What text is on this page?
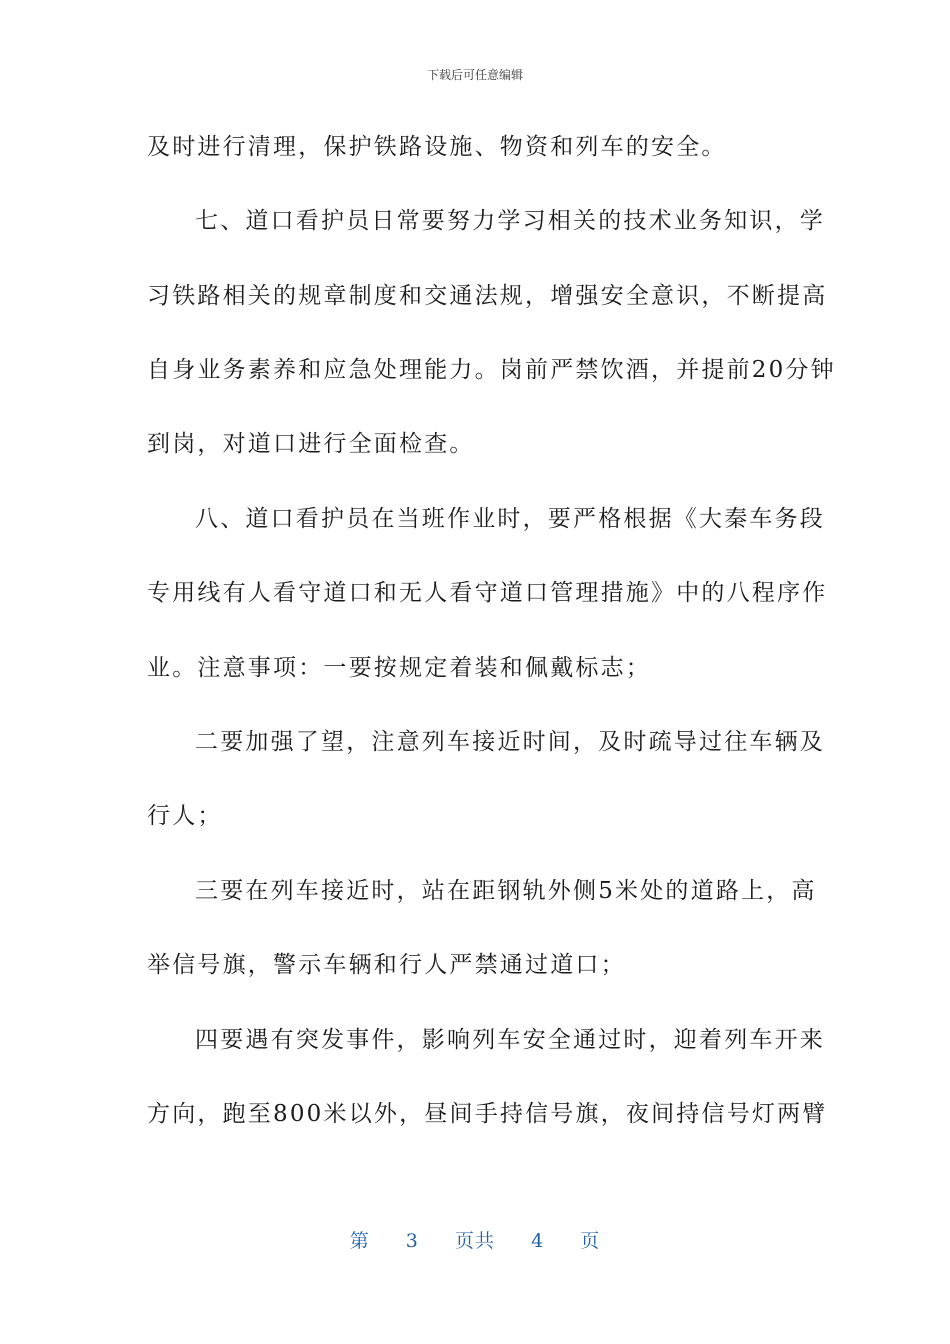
下载后可任意编辑
及时进行清理，保护铁路设施、物资和列车的安全。
七、道口看护员日常要努力学习相关的技术业务知识，学
习铁路相关的规章制度和交通法规，增强安全意识，不断提高
自身业务素养和应急处理能力。岗前严禁饮酒，并提前20分钟
到岗，对道口进行全面检查。
八、道口看护员在当班作业时，要严格根据《大秦车务段
专用线有人看守道口和无人看守道口管理措施》中的八程序作
业。注意事项：一要按规定着装和佩戴标志；
二要加强了望，注意列车接近时间，及时疏导过往车辆及
行人；
三要在列车接近时，站在距钢轨外侧5米处的道路上，高
举信号旗，警示车辆和行人严禁通过道口；
四要遇有突发事件，影响列车安全通过时，迎着列车开来
方向，跑至800米以外，昼间手持信号旗，夜间持信号灯两臂
第 3 页共 4 页
